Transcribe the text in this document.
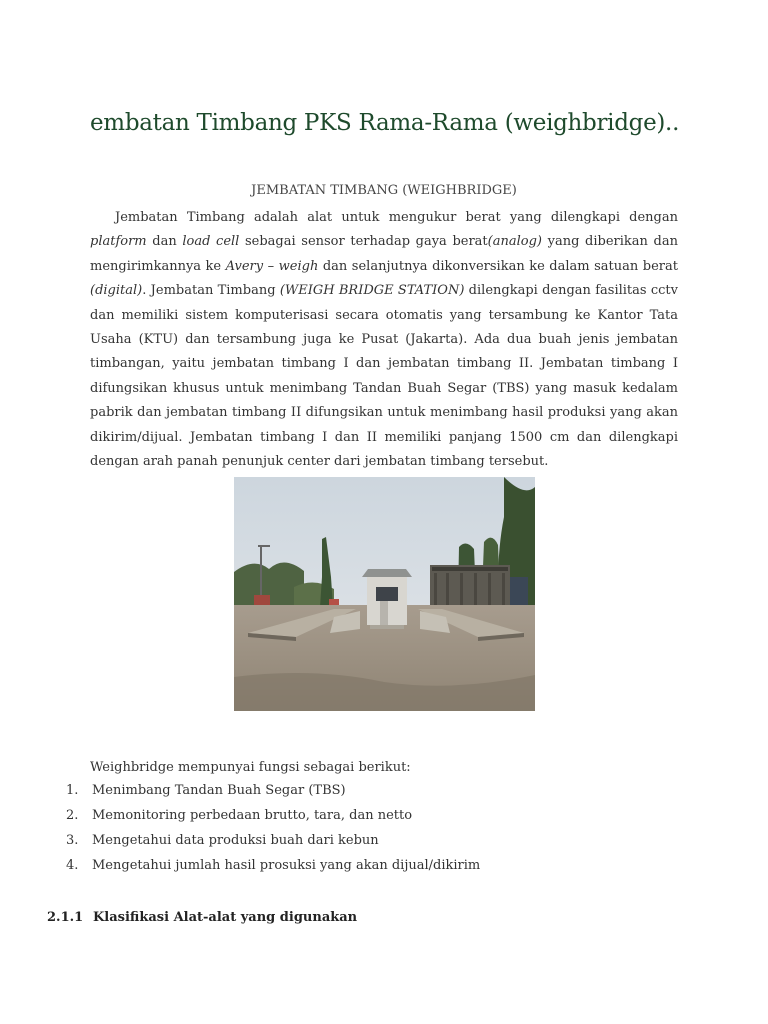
embatan Timbang PKS Rama-Rama (weighbridge)..
JEMBATAN TIMBANG (WEIGHBRIDGE)

Jembatan Timbang adalah alat untuk mengukur berat yang dilengkapi dengan platform dan load cell sebagai sensor terhadap gaya berat(analog) yang diberikan dan mengirimkannya ke Avery – weigh dan selanjutnya dikonversikan ke dalam satuan berat (digital). Jembatan Timbang (WEIGH BRIDGE STATION) dilengkapi dengan fasilitas cctv dan memiliki sistem komputerisasi secara otomatis yang tersambung ke Kantor Tata Usaha (KTU) dan tersambung juga ke Pusat (Jakarta). Ada dua buah jenis jembatan timbangan, yaitu jembatan timbang I dan jembatan timbang II. Jembatan timbang I difungsikan khusus untuk menimbang Tandan Buah Segar (TBS) yang masuk kedalam pabrik dan jembatan timbang II difungsikan untuk menimbang hasil produksi yang akan dikirim/dijual. Jembatan timbang I dan II memiliki panjang 1500 cm dan dilengkapi dengan arah panah penunjuk center dari jembatan timbang tersebut.

Weighbridge mempunyai fungsi sebagai berikut:
1. Menimbang Tandan Buah Segar (TBS)
2. Memonitoring perbedaan brutto, tara, dan netto
3. Mengetahui data produksi buah dari kebun
4. Mengetahui jumlah hasil prosuksi yang akan dijual/dikirim
2.1.1 Klasifikasi Alat-alat yang digunakan
